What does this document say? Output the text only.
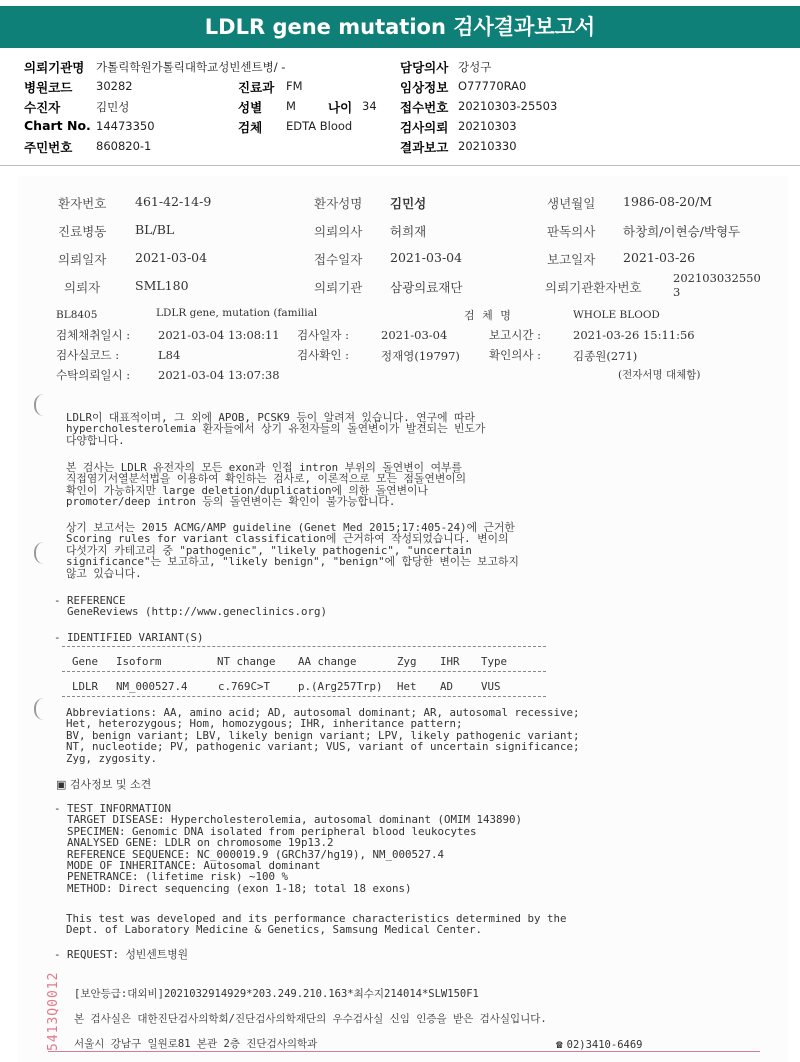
LDLR gene mutation 검사결과보고서
의뢰기관명 가톨릭학원가톨릭대학교성빈센트병/ -	담당의사 강성구
병원코드 30282	진료과 FM	임상정보 O77770RA0
수진자	김민성	성별 M	나이 34 접수번호 20210303-25503
Chart No. 14473350	검체 EDTA Blood	검사의뢰 20210303
주민번호 860820-1	결과보고 20210330
환자번호 461-42-14-9	환자성명 김민성	생년월일 1986-08-20/M
진료병동 BL/BL	의뢰의사 허희재	판독의사 하창희/이현승/박형두
의뢰일자 2021-03-04	접수일자 2021-03-04	보고일자 2021-03-26
의뢰자	SML180	의뢰기관 삼광의료재단	의뢰기관환자번호
202103032550
3
BL8405	LDLR gene, mutation (familial	검 체 명	WHOLE BLOOD
검체채취일시 : 2021-03-04 13:08:11 검사일자 :	2021-03-04	보고시간 :	2021-03-26 15:11:56
검사실코드 :	L84	검사확인 :	정재영(19797)	확인의사 :	김종원(271)
수탁의뢰일시 : 2021-03-04 13:07:38	(전자서명 대체함)
LDLR이 대표적이며, 그 외에 APOB, PCSK9 등이 알려져 있습니다. 연구에 따라
hypercholesterolemia 환자들에서 상기 유전자들의 돌연변이가 발견되는 빈도가
다양합니다.
본 검사는 LDLR 유전자의 모든 exon과 인접 intron 부위의 돌연변이 여부를
직접염기서열분석법을 이용하여 확인하는 검사로, 이론적으로 모든 점돌연변이의
확인이 가능하지만 large deletion/duplication에 의한 돌연변이나
promoter/deep intron 등의 돌연변이는 확인이 불가능합니다.
상기 보고서는 2015 ACMG/AMP guideline (Genet Med 2015;17:405-24)에 근거한
Scoring rules for variant classification에 근거하여 작성되었습니다. 변이의
다섯가지 카테고리 중 "pathogenic", "likely pathogenic", "uncertain
significance"는 보고하고, "likely benign", "benign"에 합당한 변이는 보고하지
않고 있습니다.
- REFERENCE
GeneReviews (http://www.geneclinics.org)
- IDENTIFIED VARIANT(S)
Gene Isoform	NT change AA change	Zyg IHR Type
LDLR NM_000527.4	c.769C>T	p.(Arg257Trp) Het AD	VUS
Abbreviations: AA, amino acid; AD, autosomal dominant; AR, autosomal recessive;
Het, heterozygous; Hom, homozygous; IHR, inheritance pattern;
BV, benign variant; LBV, likely benign variant; LPV, likely pathogenic variant;
NT, nucleotide; PV, pathogenic variant; VUS, variant of uncertain significance;
Zyg, zygosity.
▣ 검사정보 및 소견
- TEST INFORMATION
TARGET DISEASE: Hypercholesterolemia, autosomal dominant (OMIM 143890)
SPECIMEN: Genomic DNA isolated from peripheral blood leukocytes
ANALYSED GENE: LDLR on chromosome 19p13.2
REFERENCE SEQUENCE: NC_000019.9 (GRCh37/hg19), NM_000527.4
MODE OF INHERITANCE: Autosomal dominant
PENETRANCE: (lifetime risk) ~100 %
METHOD: Direct sequencing (exon 1-18; total 18 exons)
This test was developed and its performance characteristics determined by the
Dept. of Laboratory Medicine & Genetics, Samsung Medical Center.
- REQUEST: 성빈센트병원
5413Q0012 [보안등급:대외비]2021032914929*203.249.210.163*최수지214014*SLW150F1
본 검사실은 대한진단검사의학회/진단검사의학재단의 우수검사실 신임 인증을 받은 검사실입니다.
서울시 강남구 일원로81 본관 2층 진단검사의학과	☎ 02)3410-6469
